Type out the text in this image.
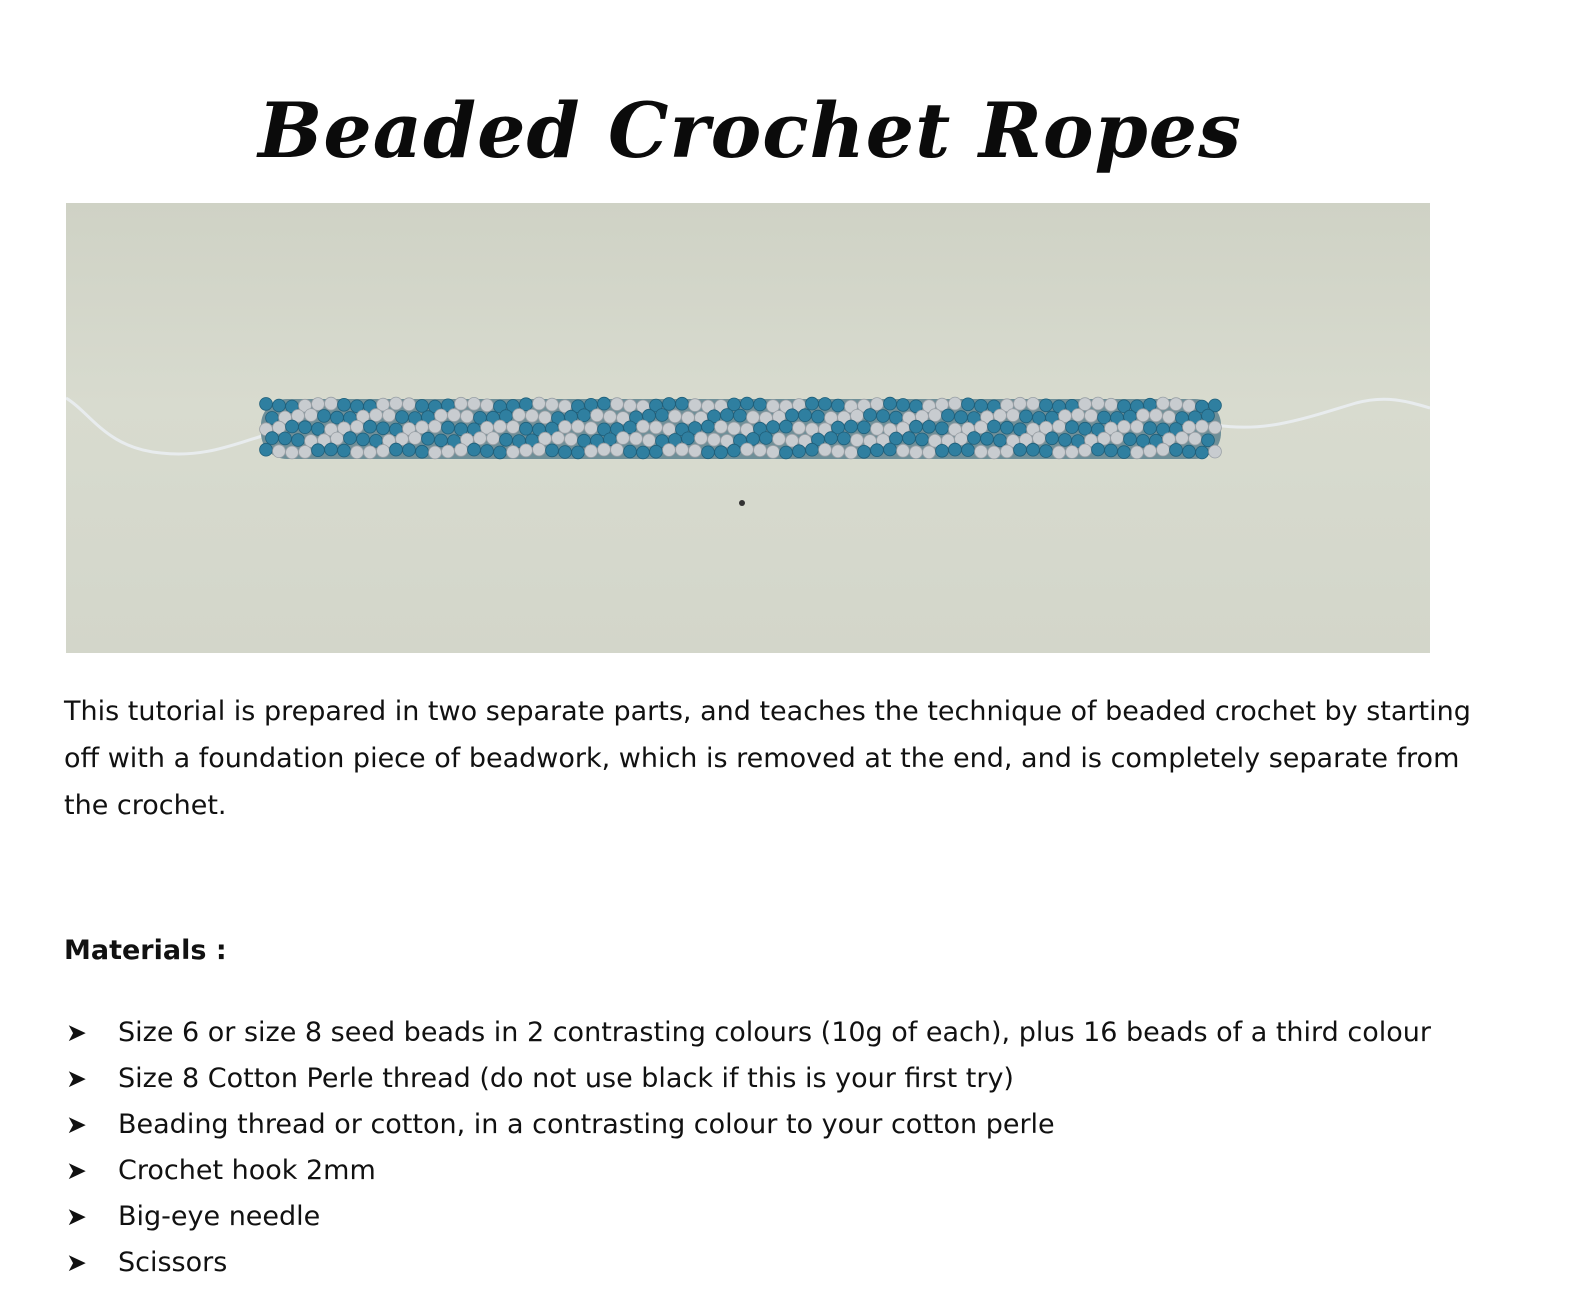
Beaded Crochet Ropes

This tutorial is prepared in two separate parts, and teaches the technique of beaded crochet by starting off with a foundation piece of beadwork, which is removed at the end, and is completely separate from the crochet.

Materials :

➤ Size 6 or size 8 seed beads in 2 contrasting colours (10g of each), plus 16 beads of a third colour
➤ Size 8 Cotton Perle thread (do not use black if this is your first try)
➤ Beading thread or cotton, in a contrasting colour to your cotton perle
➤ Crochet hook 2mm
➤ Big-eye needle
➤ Scissors
